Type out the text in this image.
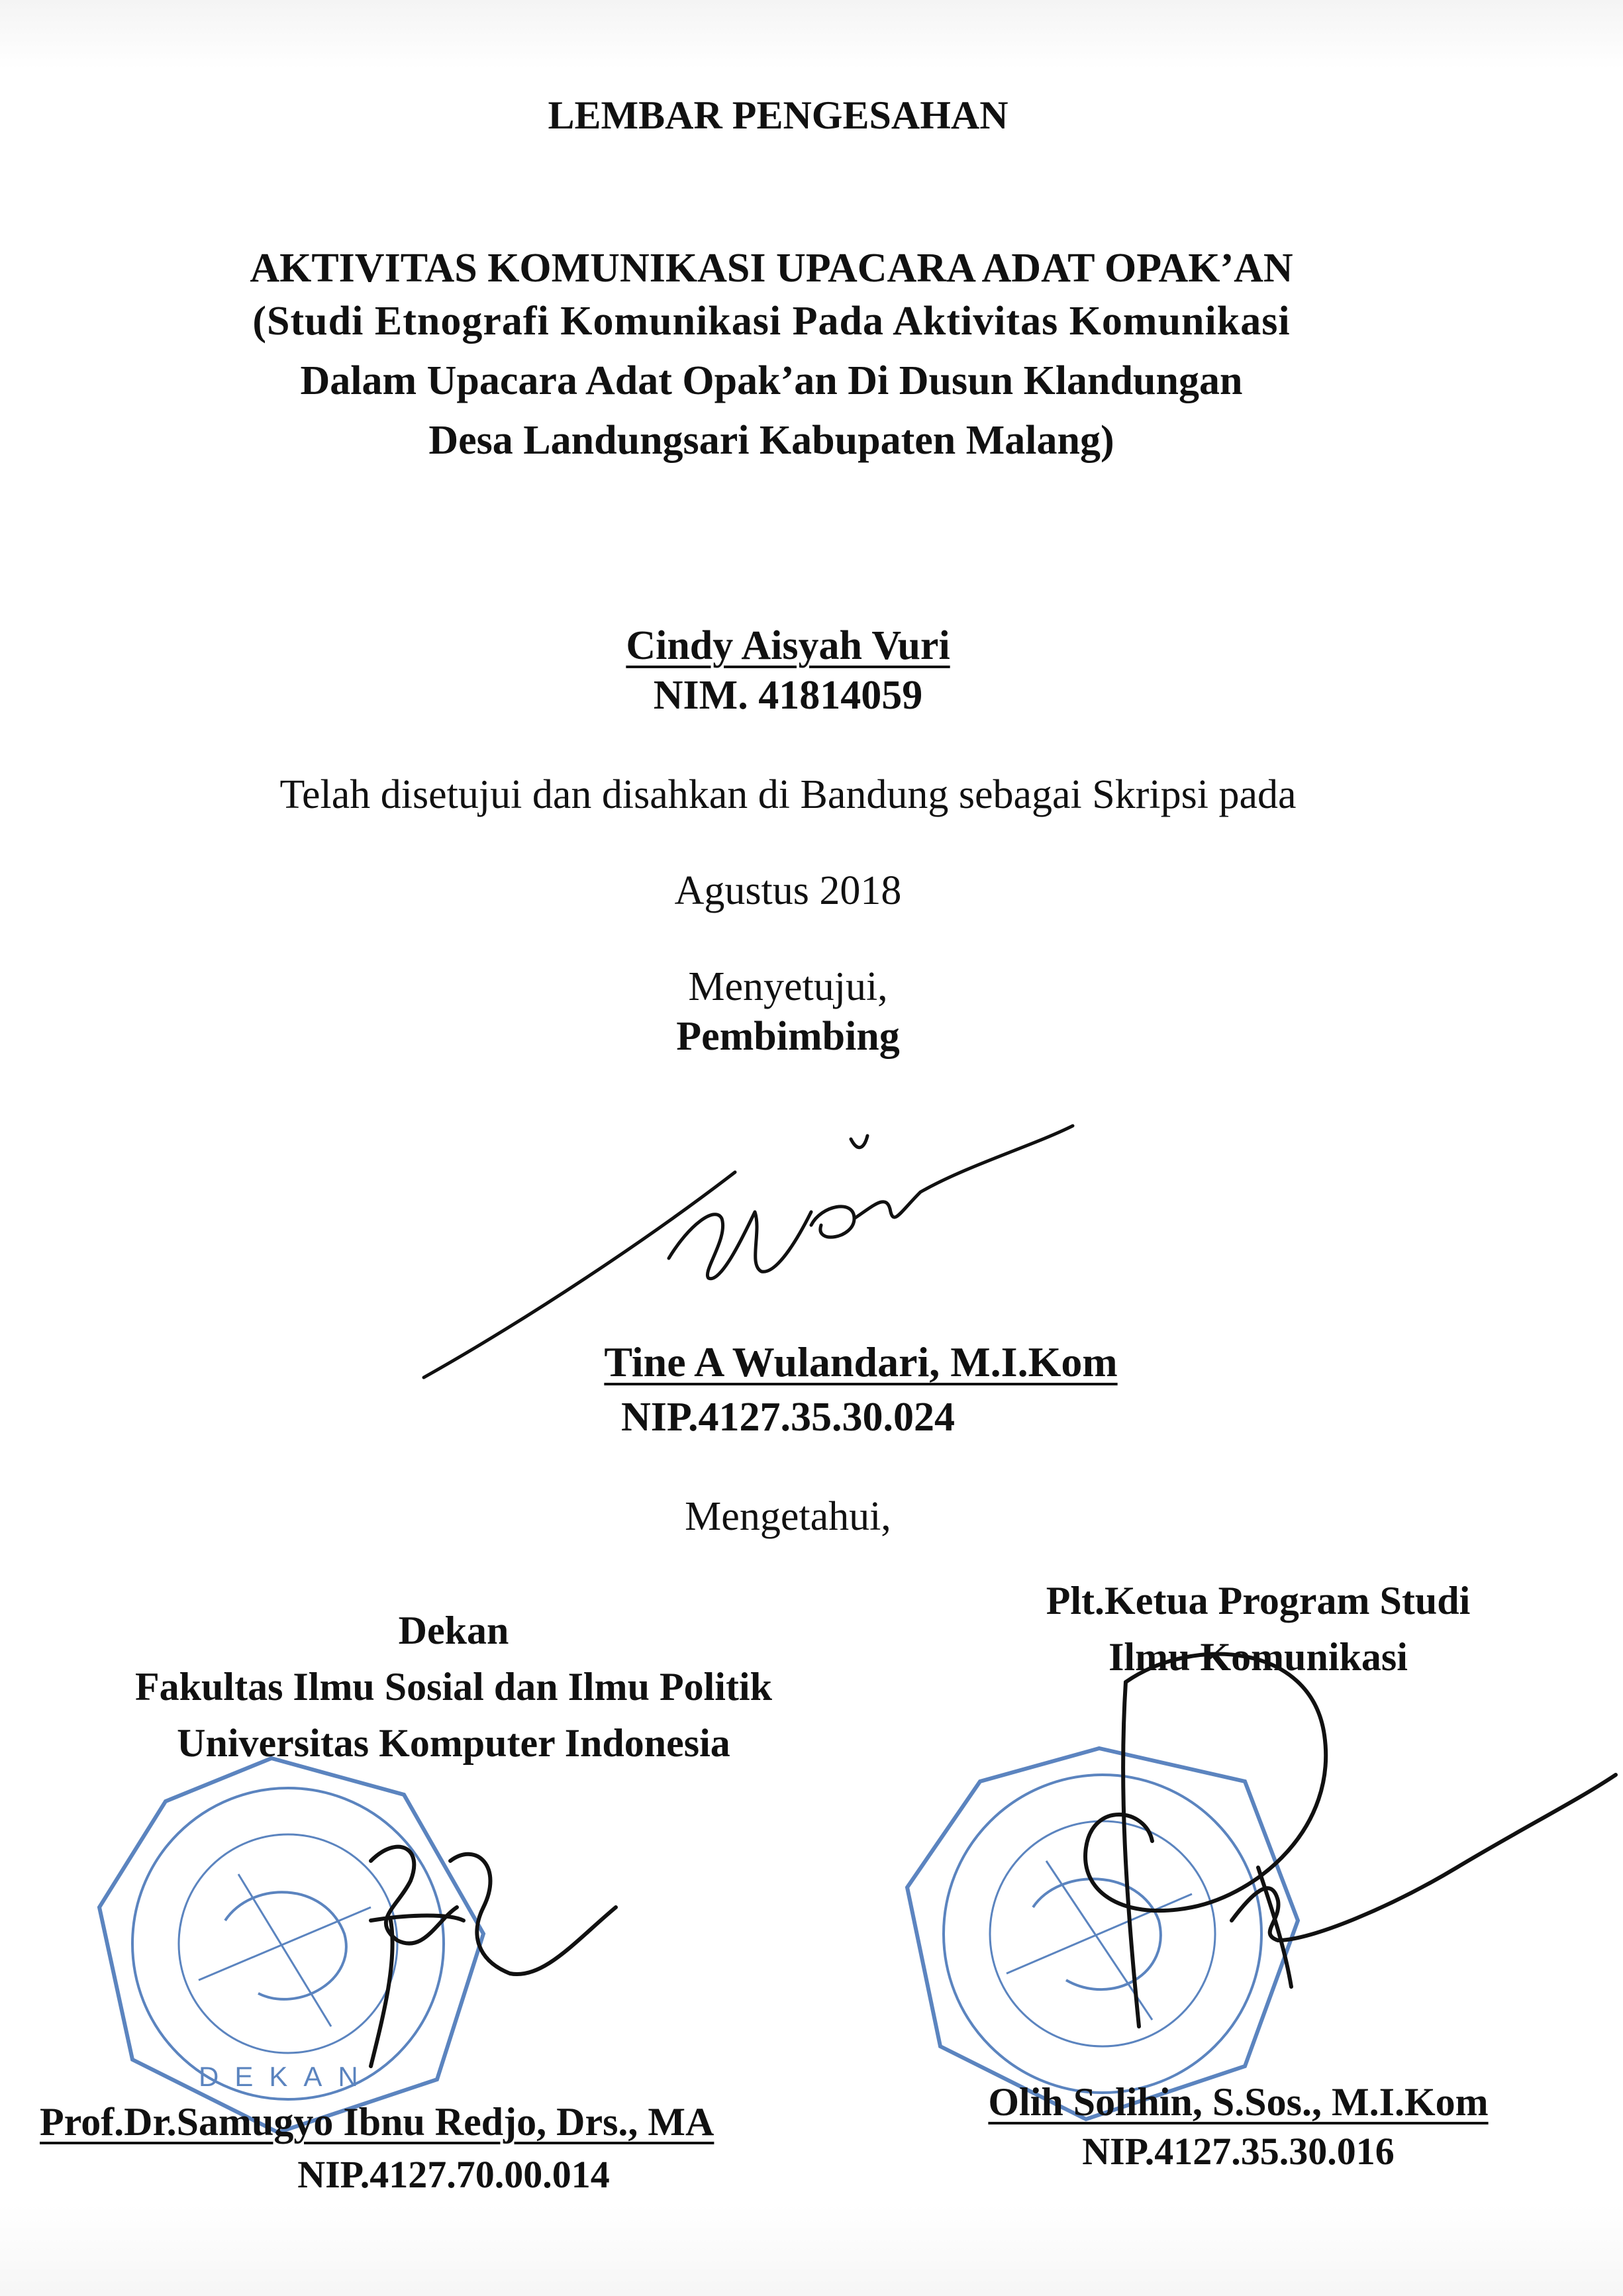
LEMBAR PENGESAHAN
AKTIVITAS KOMUNIKASI UPACARA ADAT OPAK’AN
(Studi Etnografi Komunikasi Pada Aktivitas Komunikasi
Dalam Upacara Adat Opak’an Di Dusun Klandungan
Desa Landungsari Kabupaten Malang)
Cindy Aisyah Vuri
NIM. 41814059
Telah disetujui dan disahkan di Bandung sebagai Skripsi pada
Agustus 2018
Menyetujui,
Pembimbing
Tine A Wulandari, M.I.Kom
NIP.4127.35.30.024
Mengetahui,
Dekan
Fakultas Ilmu Sosial dan Ilmu Politik
Universitas Komputer Indonesia
Plt.Ketua Program Studi
Ilmu Komunikasi
DEKAN
Prof.Dr.Samugyo Ibnu Redjo, Drs., MA
NIP.4127.70.00.014
Olih Solihin, S.Sos., M.I.Kom
NIP.4127.35.30.016
